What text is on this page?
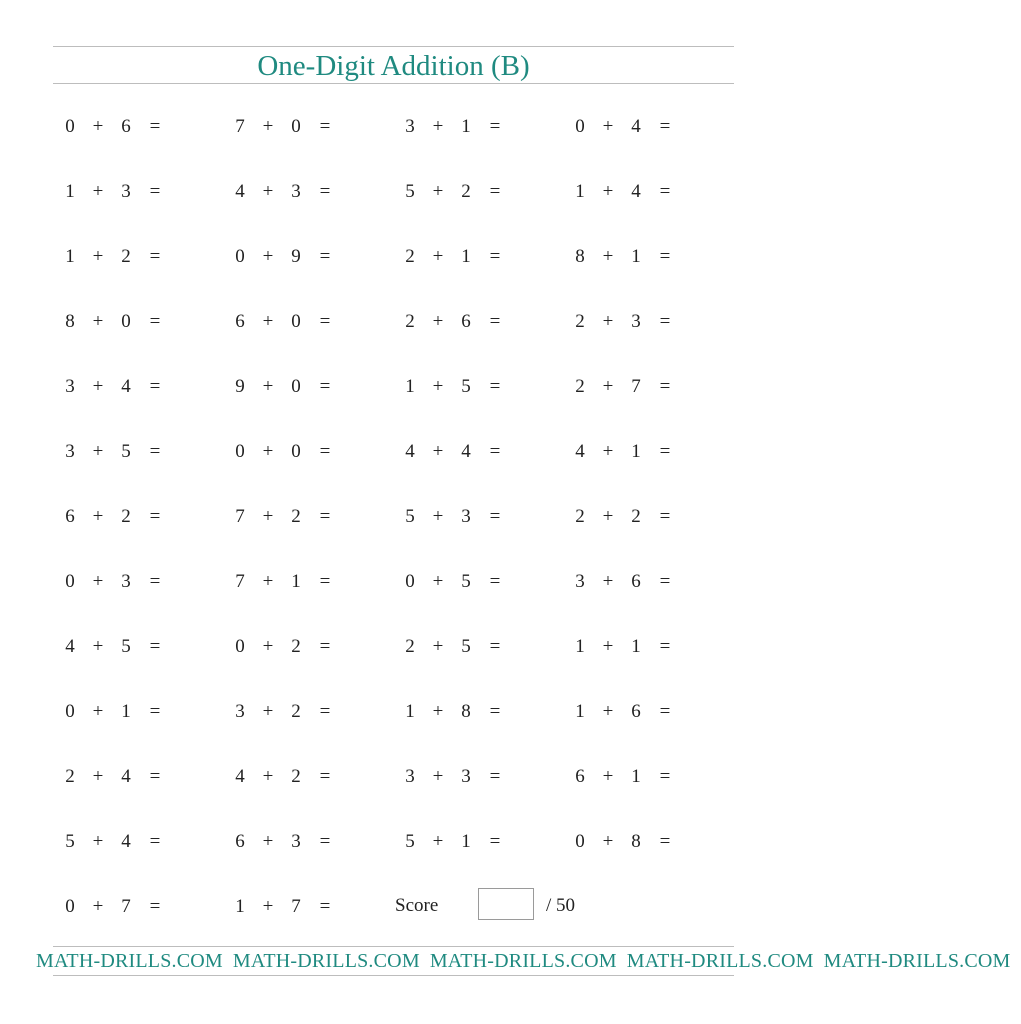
One-Digit Addition (B)
0 + 6 =	7 + 0 =	3 + 1 =	0 + 4 =
1 + 3 =	4 + 3 =	5 + 2 =	1 + 4 =
1 + 2 =	0 + 9 =	2 + 1 =	8 + 1 =
8 + 0 =	6 + 0 =	2 + 6 =	2 + 3 =
3 + 4 =	9 + 0 =	1 + 5 =	2 + 7 =
3 + 5 =	0 + 0 =	4 + 4 =	4 + 1 =
6 + 2 =	7 + 2 =	5 + 3 =	2 + 2 =
0 + 3 =	7 + 1 =	0 + 5 =	3 + 6 =
4 + 5 =	0 + 2 =	2 + 5 =	1 + 1 =
0 + 1 =	3 + 2 =	1 + 8 =	1 + 6 =
2 + 4 =	4 + 2 =	3 + 3 =	6 + 1 =
5 + 4 =	6 + 3 =	5 + 1 =	0 + 8 =
0 + 7 =	1 + 7 =	Score	/ 50
MATH-DRILLS.COM MATH-DRILLS.COM MATH-DRILLS.COM MATH-DRILLS.COM MATH-DRILLS.COM
